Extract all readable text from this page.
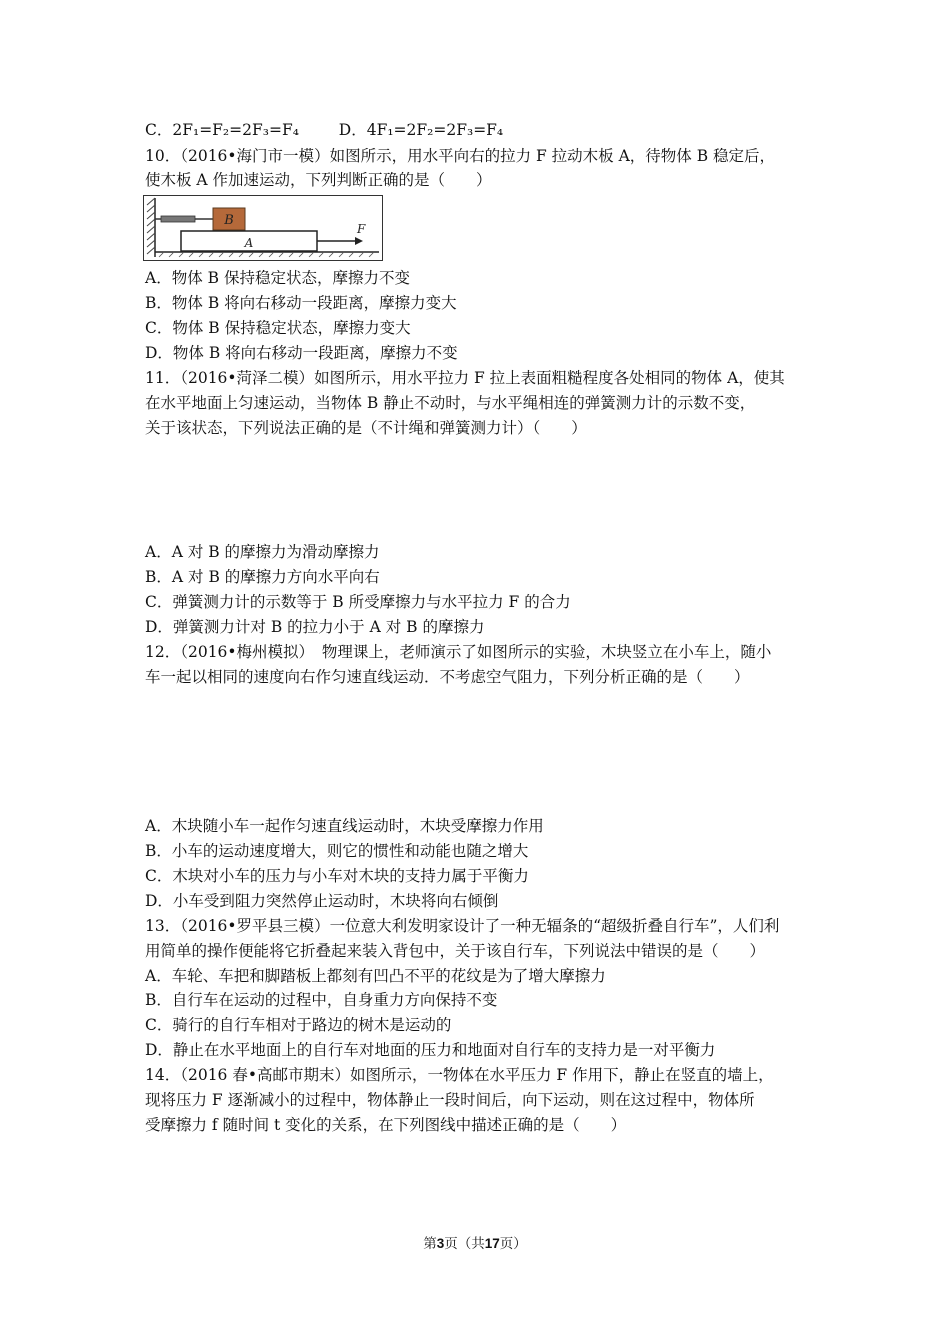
C．2F₁=F₂=2F₃=F₄	D．4F₁=2F₂=2F₃=F₄
10．（2016•海门市一模）如图所示，用水平向右的拉力 F 拉动木板 A，待物体 B 稳定后，
使木板 A 作加速运动，下列判断正确的是（　　）
B
A
F
A．物体 B 保持稳定状态，摩擦力不变
B．物体 B 将向右移动一段距离，摩擦力变大
C．物体 B 保持稳定状态，摩擦力变大
D．物体 B 将向右移动一段距离，摩擦力不变
11．（2016•菏泽二模）如图所示，用水平拉力 F 拉上表面粗糙程度各处相同的物体 A，使其
在水平地面上匀速运动，当物体 B 静止不动时，与水平绳相连的弹簧测力计的示数不变，
关于该状态，下列说法正确的是（不计绳和弹簧测力计）（　　）
A．A 对 B 的摩擦力为滑动摩擦力
B．A 对 B 的摩擦力方向水平向右
C．弹簧测力计的示数等于 B 所受摩擦力与水平拉力 F 的合力
D．弹簧测力计对 B 的拉力小于 A 对 B 的摩擦力
12．（2016•梅州模拟）　物理课上，老师演示了如图所示的实验，木块竖立在小车上，随小
车一起以相同的速度向右作匀速直线运动．不考虑空气阻力，下列分析正确的是（　　）
A．木块随小车一起作匀速直线运动时，木块受摩擦力作用
B．小车的运动速度增大，则它的惯性和动能也随之增大
C．木块对小车的压力与小车对木块的支持力属于平衡力
D．小车受到阻力突然停止运动时，木块将向右倾倒
13．（2016•罗平县三模）一位意大利发明家设计了一种无辐条的“超级折叠自行车”，人们利
用简单的操作便能将它折叠起来装入背包中，关于该自行车，下列说法中错误的是（　　）
A．车轮、车把和脚踏板上都刻有凹凸不平的花纹是为了增大摩擦力
B．自行车在运动的过程中，自身重力方向保持不变
C．骑行的自行车相对于路边的树木是运动的
D．静止在水平地面上的自行车对地面的压力和地面对自行车的支持力是一对平衡力
14．（2016 春•高邮市期末）如图所示，一物体在水平压力 F 作用下，静止在竖直的墙上，
现将压力 F 逐渐减小的过程中，物体静止一段时间后，向下运动，则在这过程中，物体所
受摩擦力 f 随时间 t 变化的关系，在下列图线中描述正确的是（　　）
第3页（共17页）
